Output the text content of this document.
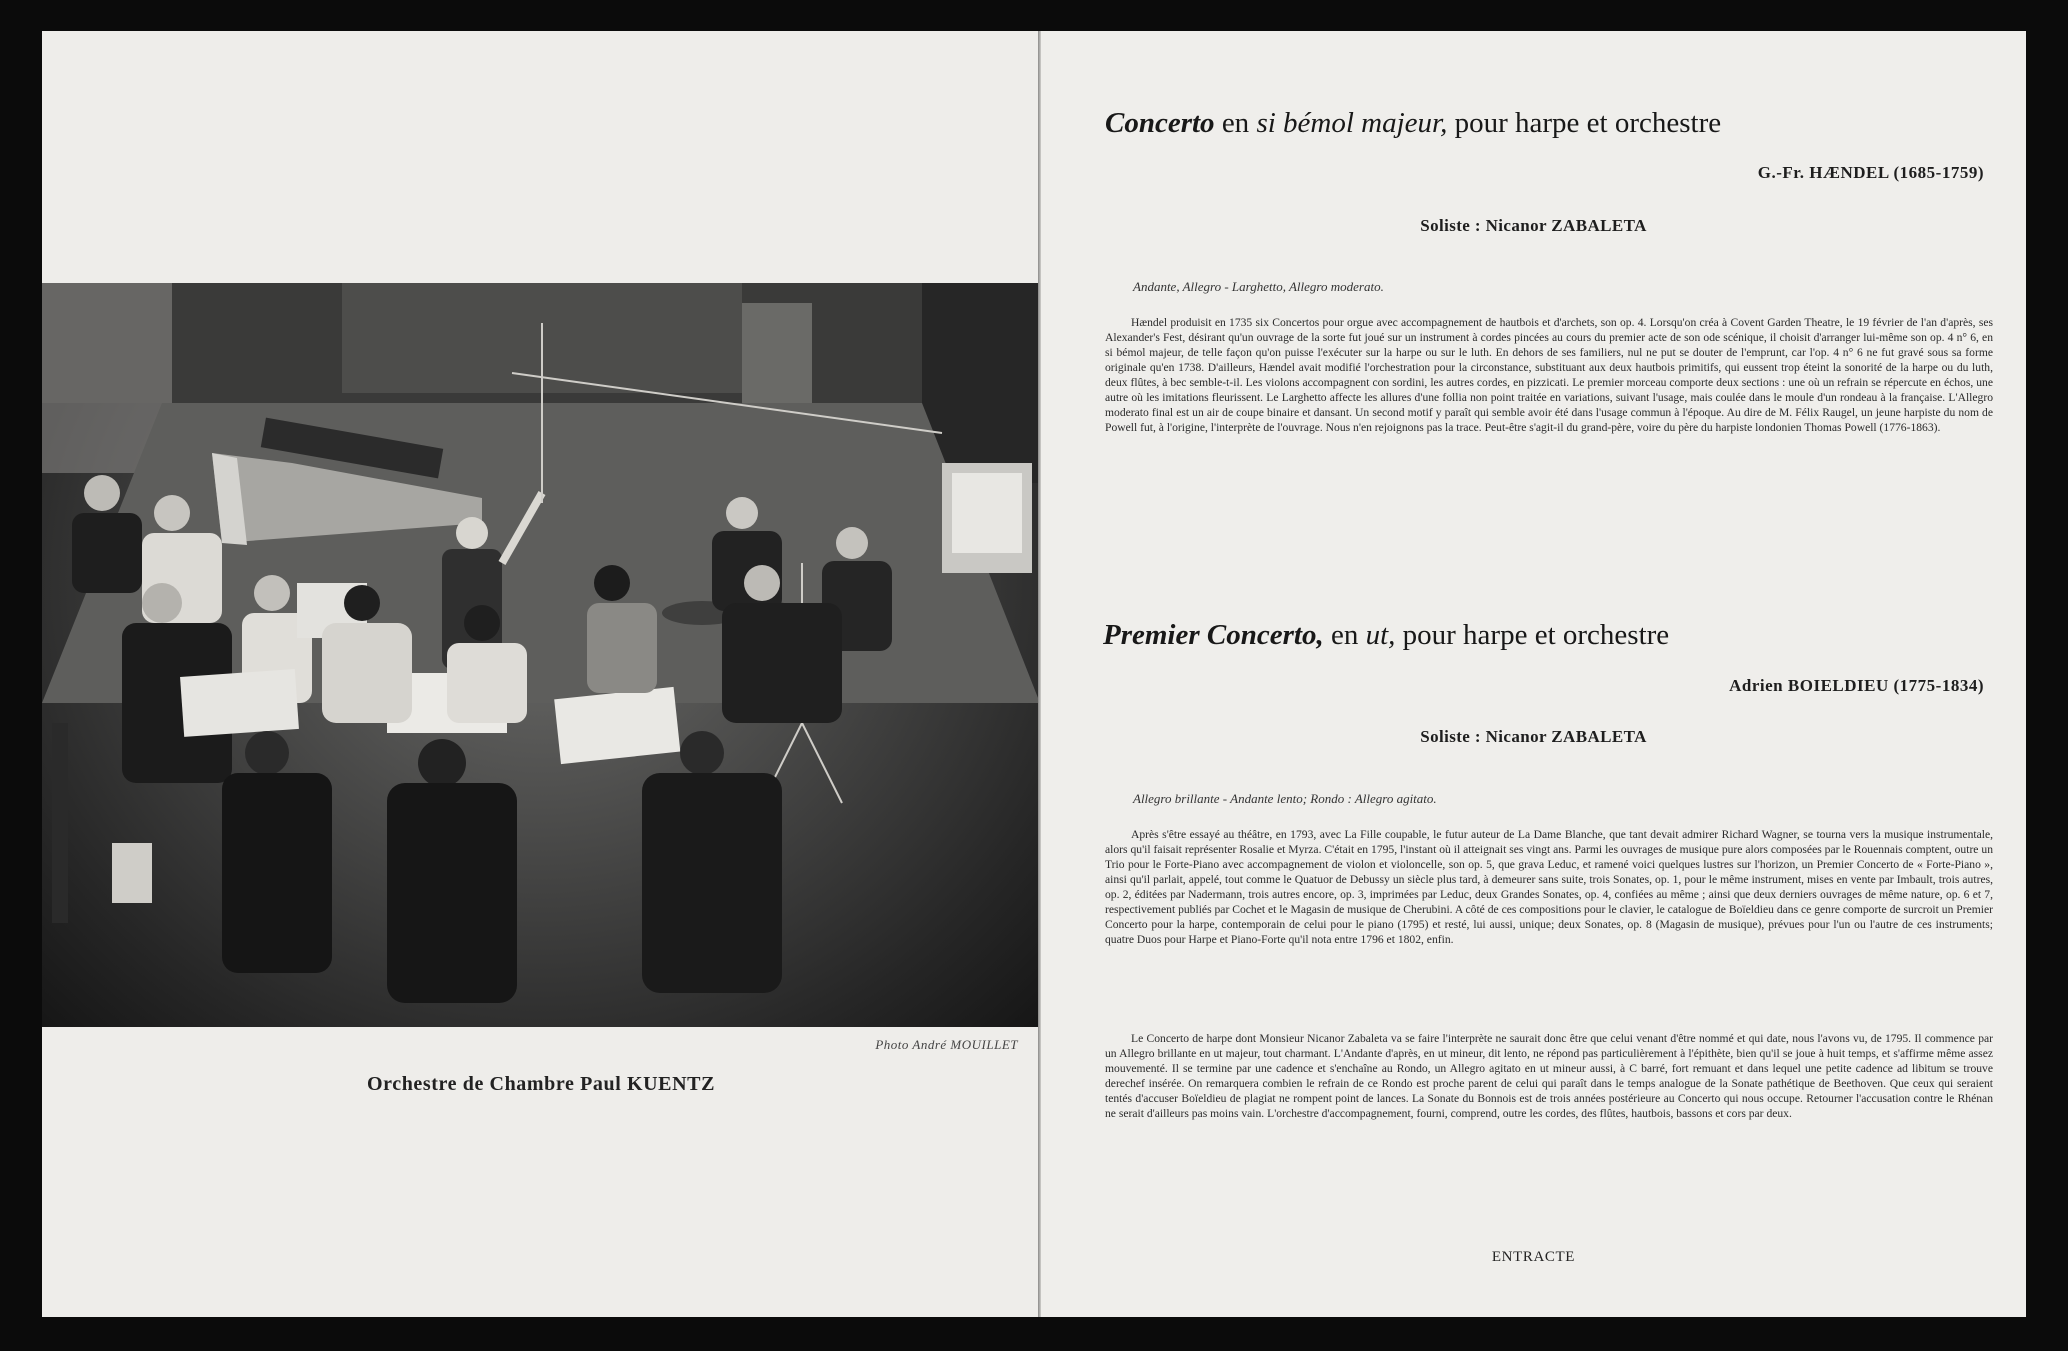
Photo André MOUILLET
Orchestre de Chambre Paul KUENTZ
Concerto en si bémol majeur, pour harpe et orchestre
G.-Fr. HÆNDEL (1685-1759)
Soliste : Nicanor ZABALETA
Andante, Allegro - Larghetto, Allegro moderato.

Hændel produisit en 1735 six Concertos pour orgue avec accompagnement de hautbois et d'archets, son op. 4. Lorsqu'on créa à Covent Garden Theatre, le 19 février de l'an d'après, ses Alexander's Fest, désirant qu'un ouvrage de la sorte fut joué sur un instrument à cordes pincées au cours du premier acte de son ode scénique, il choisit d'arranger lui-même son op. 4 n° 6, en si bémol majeur, de telle façon qu'on puisse l'exécuter sur la harpe ou sur le luth. En dehors de ses familiers, nul ne put se douter de l'emprunt, car l'op. 4 n° 6 ne fut gravé sous sa forme originale qu'en 1738. D'ailleurs, Hændel avait modifié l'orchestration pour la circonstance, substituant aux deux hautbois primitifs, qui eussent trop éteint la sonorité de la harpe ou du luth, deux flûtes, à bec semble-t-il. Les violons accompagnent con sordini, les autres cordes, en pizzicati. Le premier morceau comporte deux sections : une où un refrain se répercute en échos, une autre où les imitations fleurissent. Le Larghetto affecte les allures d'une follia non point traitée en variations, suivant l'usage, mais coulée dans le moule d'un rondeau à la française. L'Allegro moderato final est un air de coupe binaire et dansant. Un second motif y paraît qui semble avoir été dans l'usage commun à l'époque. Au dire de M. Félix Raugel, un jeune harpiste du nom de Powell fut, à l'origine, l'interprète de l'ouvrage. Nous n'en rejoignons pas la trace. Peut-être s'agit-il du grand-père, voire du père du harpiste londonien Thomas Powell (1776-1863).

Premier Concerto, en ut, pour harpe et orchestre
Adrien BOIELDIEU (1775-1834)
Soliste : Nicanor ZABALETA
Allegro brillante - Andante lento; Rondo : Allegro agitato.

Après s'être essayé au théâtre, en 1793, avec La Fille coupable, le futur auteur de La Dame Blanche, que tant devait admirer Richard Wagner, se tourna vers la musique instrumentale, alors qu'il faisait représenter Rosalie et Myrza. C'était en 1795, l'instant où il atteignait ses vingt ans. Parmi les ouvrages de musique pure alors composées par le Rouennais comptent, outre un Trio pour le Forte-Piano avec accompagnement de violon et violoncelle, son op. 5, que grava Leduc, et ramené voici quelques lustres sur l'horizon, un Premier Concerto de « Forte-Piano », ainsi qu'il parlait, appelé, tout comme le Quatuor de Debussy un siècle plus tard, à demeurer sans suite, trois Sonates, op. 1, pour le même instrument, mises en vente par Imbault, trois autres, op. 2, éditées par Nadermann, trois autres encore, op. 3, imprimées par Leduc, deux Grandes Sonates, op. 4, confiées au même ; ainsi que deux derniers ouvrages de même nature, op. 6 et 7, respectivement publiés par Cochet et le Magasin de musique de Cherubini. A côté de ces compositions pour le clavier, le catalogue de Boïeldieu dans ce genre comporte de surcroit un Premier Concerto pour la harpe, contemporain de celui pour le piano (1795) et resté, lui aussi, unique; deux Sonates, op. 8 (Magasin de musique), prévues pour l'un ou l'autre de ces instruments; quatre Duos pour Harpe et Piano-Forte qu'il nota entre 1796 et 1802, enfin.

Le Concerto de harpe dont Monsieur Nicanor Zabaleta va se faire l'interprète ne saurait donc être que celui venant d'être nommé et qui date, nous l'avons vu, de 1795. Il commence par un Allegro brillante en ut majeur, tout charmant. L'Andante d'après, en ut mineur, dit lento, ne répond pas particulièrement à l'épithète, bien qu'il se joue à huit temps, et s'affirme même assez mouvementé. Il se termine par une cadence et s'enchaîne au Rondo, un Allegro agitato en ut mineur aussi, à C barré, fort remuant et dans lequel une petite cadence ad libitum se trouve derechef insérée. On remarquera combien le refrain de ce Rondo est proche parent de celui qui paraît dans le temps analogue de la Sonate pathétique de Beethoven. Que ceux qui seraient tentés d'accuser Boïeldieu de plagiat ne rompent point de lances. La Sonate du Bonnois est de trois années postérieure au Concerto qui nous occupe. Retourner l'accusation contre le Rhénan ne serait d'ailleurs pas moins vain. L'orchestre d'accompagnement, fourni, comprend, outre les cordes, des flûtes, hautbois, bassons et cors par deux.

ENTRACTE
